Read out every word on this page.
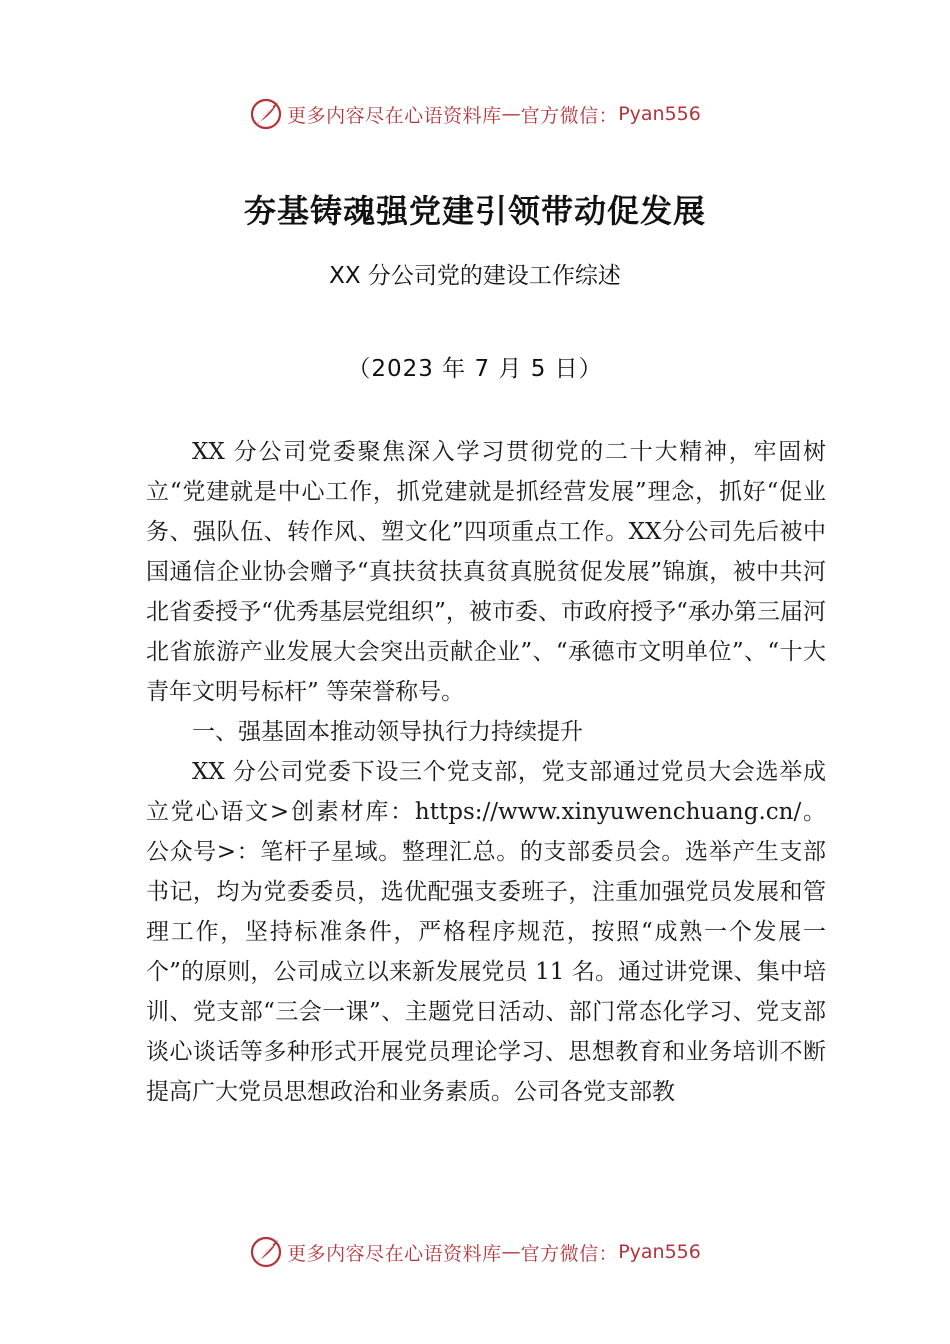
更多内容尽在心语资料库 — 官方微信： Pyan556
夯基铸魂强党建引领带动促发展

XX 分公司党的建设工作综述

（2023 年 7 月 5 日）

XX 分公司党委聚焦深入学习贯彻党的二十大精神，牢固树立“党建就是中心工作，抓党建就是抓经营发展”理念，抓好“促业务、强队伍、转作风、塑文化”四项重点工作。XX分公司先后被中国通信企业协会赠予“真扶贫扶真贫真脱贫促发展”锦旗，被中共河北省委授予“优秀基层党组织”，被市委、市政府授予“承办第三届河北省旅游产业发展大会突出贡献企业”、“承德市文明单位”、“十大青年文明号标杆” 等荣誉称号。

一、强基固本推动领导执行力持续提升

XX 分公司党委下设三个党支部，党支部通过党员大会选举成立党心语文>创素材库：https://www.xinyuwenchuang.cn/。公众号>：笔杆子星域。整理汇总。的支部委员会。选举产生支部书记，均为党委委员，选优配强支委班子，注重加强党员发展和管理工作，坚持标准条件，严格程序规范，按照“成熟一个发展一个”的原则，公司成立以来新发展党员 11 名。通过讲党课、集中培训、党支部“三会一课”、主题党日活动、部门常态化学习、党支部谈心谈话等多种形式开展党员理论学习、思想教育和业务培训不断提高广大党员思想政治和业务素质。公司各党支部教

更多内容尽在心语资料库 — 官方微信： Pyan556
